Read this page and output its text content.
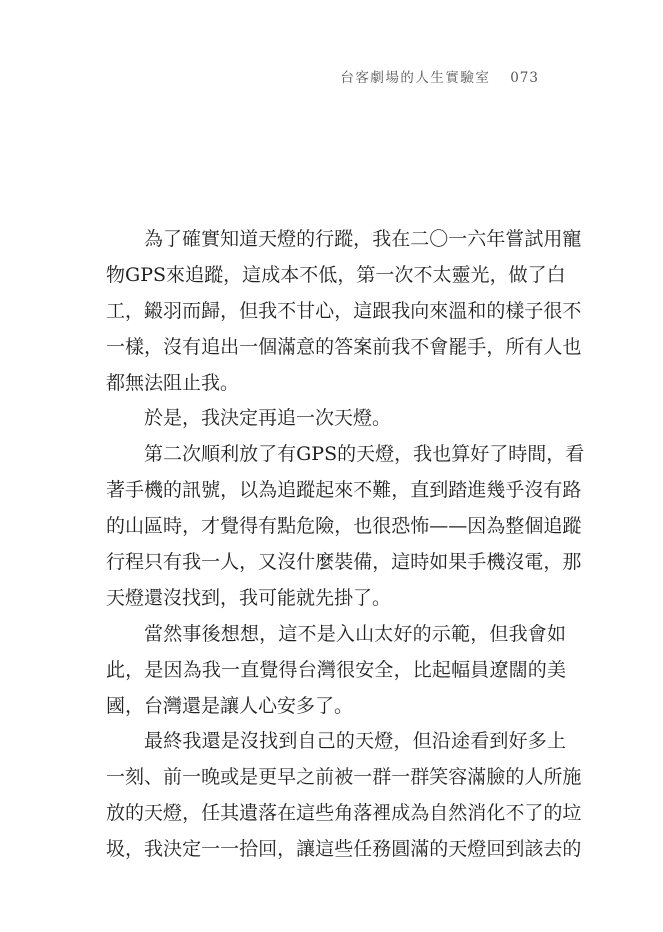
台客劇場的人生實驗室 073
為 了 確 實 知 道 天 燈 的 行 蹤 ， 我 在 二 〇 一 六 年 嘗 試 用 寵
物 GPS 來 追 蹤 ， 這 成 本 不 低 ， 第 一 次 不 太 靈 光 ， 做 了 白
工 ， 鎩 羽 而 歸 ， 但 我 不 甘 心 ， 這 跟 我 向 來 溫 和 的 樣 子 很 不
一 樣 ， 沒 有 追 出 一 個 滿 意 的 答 案 前 我 不 會 罷 手 ， 所 有 人 也
都無法阻止我。
於是，我決定再追一次天燈。
第 二 次 順 利 放 了 有 GPS 的 天 燈 ， 我 也 算 好 了 時 間 ， 看
著 手 機 的 訊 號 ， 以 為 追 蹤 起 來 不 難 ， 直 到 踏 進 幾 乎 沒 有 路
的 山 區 時 ， 才 覺 得 有 點 危 險 ， 也 很 恐 怖 — — 因 為 整 個 追 蹤
行 程 只 有 我 一 人 ， 又 沒 什 麼 裝 備 ， 這 時 如 果 手 機 沒 電 ， 那
天燈還沒找到，我可能就先掛了。
當 然 事 後 想 想 ， 這 不 是 入 山 太 好 的 示 範 ， 但 我 會 如
此 ， 是 因 為 我 一 直 覺 得 台 灣 很 安 全 ， 比 起 幅 員 遼 闊 的 美
國，台灣還是讓人心安多了。
最 終 我 還 是 沒 找 到 自 己 的 天 燈 ， 但 沿 途 看 到 好 多 上
一 刻 、 前 一 晚 或 是 更 早 之 前 被 一 群 一 群 笑 容 滿 臉 的 人 所 施
放 的 天 燈 ， 任 其 遺 落 在 這 些 角 落 裡 成 為 自 然 消 化 不 了 的 垃
圾 ， 我 決 定 一 一 拾 回 ， 讓 這 些 任 務 圓 滿 的 天 燈 回 到 該 去 的
